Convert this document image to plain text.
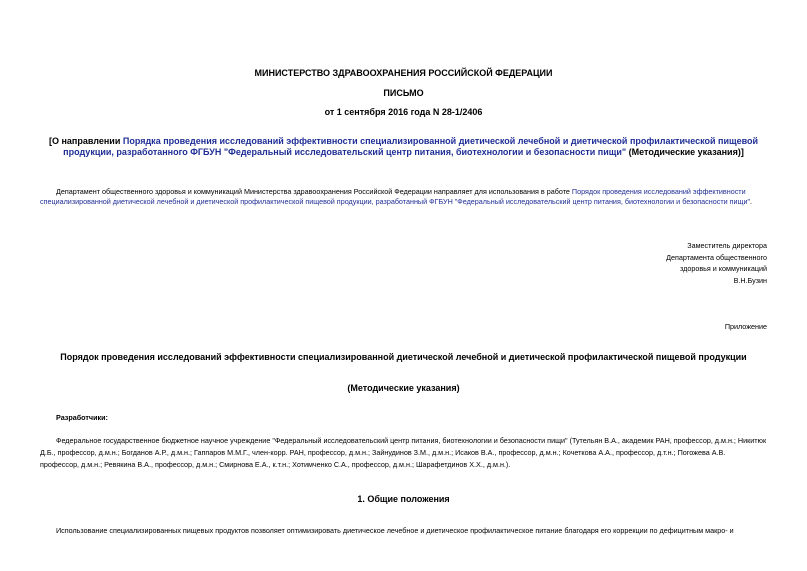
МИНИСТЕРСТВО ЗДРАВООХРАНЕНИЯ РОССИЙСКОЙ ФЕДЕРАЦИИ
ПИСЬМО
от 1 сентября 2016 года N 28-1/2406
[О направлении Порядка проведения исследований эффективности специализированной диетической лечебной и диетической профилактической пищевой
продукции, разработанного ФГБУН "Федеральный исследовательский центр питания, биотехнологии и безопасности пищи" (Методические указания)]
Департамент общественного здоровья и коммуникаций Министерства здравоохранения Российской Федерации направляет для использования в работе Порядок проведения исследований эффективности
специализированной диетической лечебной и диетической профилактической пищевой продукции, разработанный ФГБУН "Федеральный исследовательский центр питания, биотехнологии и безопасности пищи".
Заместитель директора
Департамента общественного
здоровья и коммуникаций
В.Н.Бузин
Приложение
Порядок проведения исследований эффективности специализированной диетической лечебной и диетической профилактической пищевой продукции
(Методические указания)
Разработчики:
Федеральное государственное бюджетное научное учреждение "Федеральный исследовательский центр питания, биотехнологии и безопасности пищи" (Тутельян В.А., академик РАН, профессор, д.м.н.; Никитюк
Д.Б., профессор, д.м.н.; Богданов А.Р., д.м.н.; Гаппаров М.М.Г., член-корр. РАН, профессор, д.м.н.; Зайнудинов З.М., д.м.н.; Исаков В.А., профессор, д.м.н.; Кочеткова А.А., профессор, д.т.н.; Погожева А.В.
профессор, д.м.н.; Ревякина В.А., профессор, д.м.н.; Смирнова Е.А., к.т.н.; Хотимченко С.А., профессор, д.м.н.; Шарафетдинов Х.Х., д.м.н.).
1. Общие положения
Использование специализированных пищевых продуктов позволяет оптимизировать диетическое лечебное и диетическое профилактическое питание благодаря его коррекции по дефицитным макро- и
